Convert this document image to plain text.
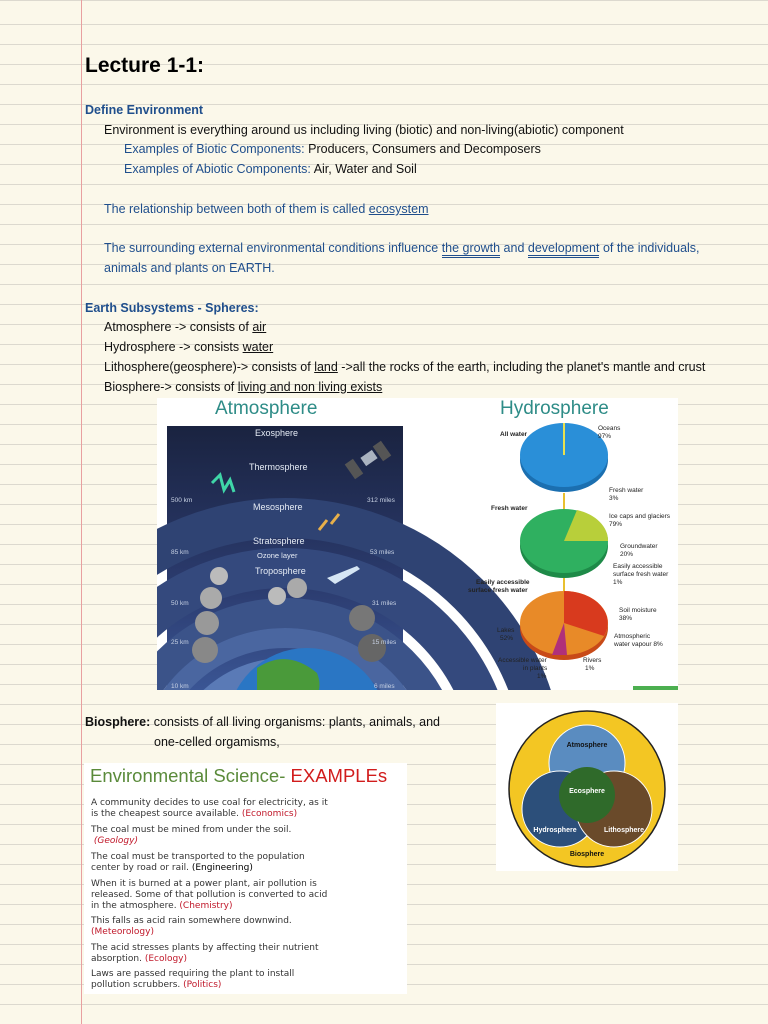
Lecture 1-1:
Define Environment
Environment is everything around us including living (biotic) and non-living(abiotic) component
Examples of Biotic Components: Producers, Consumers and Decomposers
Examples of Abiotic Components: Air, Water and Soil
The relationship between both of them is called ecosystem
The surrounding external environmental conditions influence the growth and development of the individuals,
animals and plants on EARTH.
Earth Subsystems - Spheres:
Atmosphere -> consists of air
Hydrosphere -> consists water
Lithosphere(geosphere)-> consists of land ->all the rocks of the earth, including the planet's mantle and crust
Biosphere-> consists of living and non living exists
Atmosphere	Hydrosphere
Exosphere
Thermosphere
Mesosphere
Stratosphere
Ozone layer
Troposphere
500 km
85 km
50 km
25 km
10 km
312 miles
53 miles
31 miles
15 miles
6 miles
All water
Fresh water
Easily accessible
surface fresh water
Oceans
97%
Fresh water
3%
Ice caps and glaciers
79%
Groundwater
20%
Easily accessible
surface fresh water
1%
Soil moisture
38%
Atmospheric
water vapour 8%
Lakes
52%
Accessible water
in plants
1%
Rivers
1%
Biosphere: consists of all living organisms: plants, animals, and
one-celled orgamisms,	Atmosphere
Ecosphere
Hydrosphere	Lithosphere
Biosphere
Environmental Science- EXAMPLEs
A community decides to use coal for electricity, as it
is the cheapest source available. (Economics)
The coal must be mined from under the soil.
(Geology)
The coal must be transported to the population
center by road or rail. (Engineering)
When it is burned at a power plant, air pollution is
released. Some of that pollution is converted to acid
in the atmosphere. (Chemistry)
This falls as acid rain somewhere downwind.
(Meteorology)
The acid stresses plants by affecting their nutrient
absorption. (Ecology)
Laws are passed requiring the plant to install
pollution scrubbers. (Politics)
